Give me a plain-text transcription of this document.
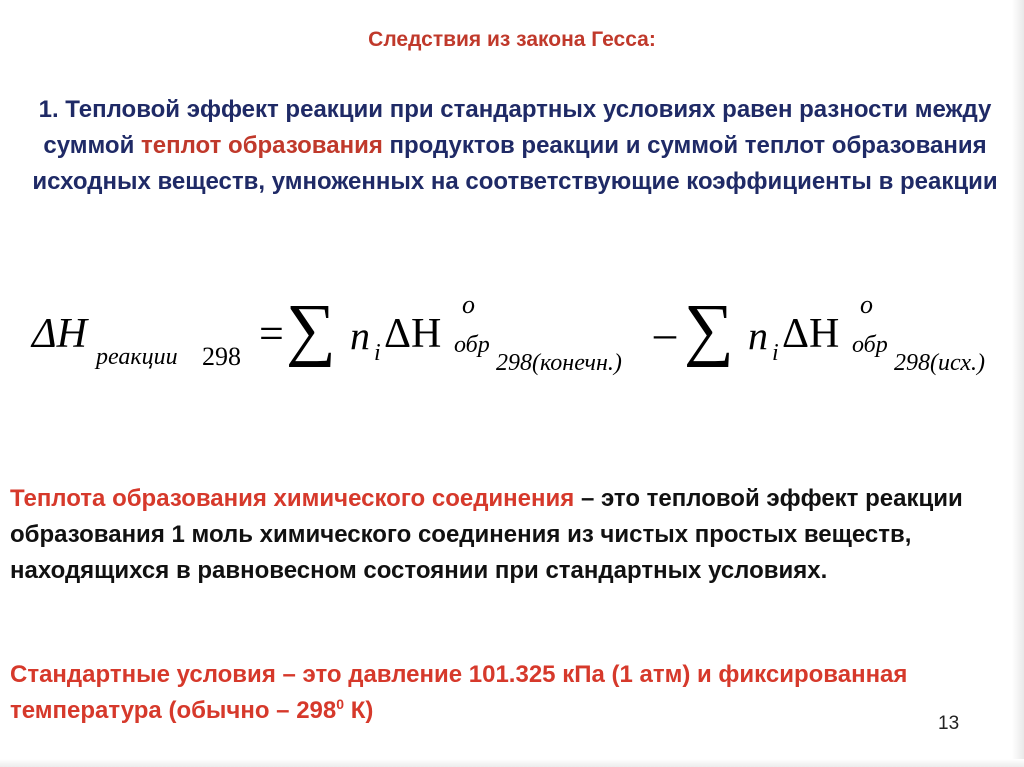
Следствия из закона Гесса:
1. Тепловой эффект реакции при стандартных условиях равен разности между суммой теплот образования продуктов реакции и суммой теплот образования исходных веществ, умноженных на соответствующие коэффициенты в реакции
ΔH реакции 298 = ∑ n i ΔH
o
обр
298(конечн.)
– ∑ n i ΔH
o
обр
298(исх.)
Теплота образования химического соединения – это тепловой эффект реакции образования 1 моль химического соединения из чистых простых веществ, находящихся в равновесном состоянии при стандартных условиях.
Стандартные условия – это давление 101.325 кПа (1 атм) и фиксированная температура (обычно – $298^0$ К)	13
